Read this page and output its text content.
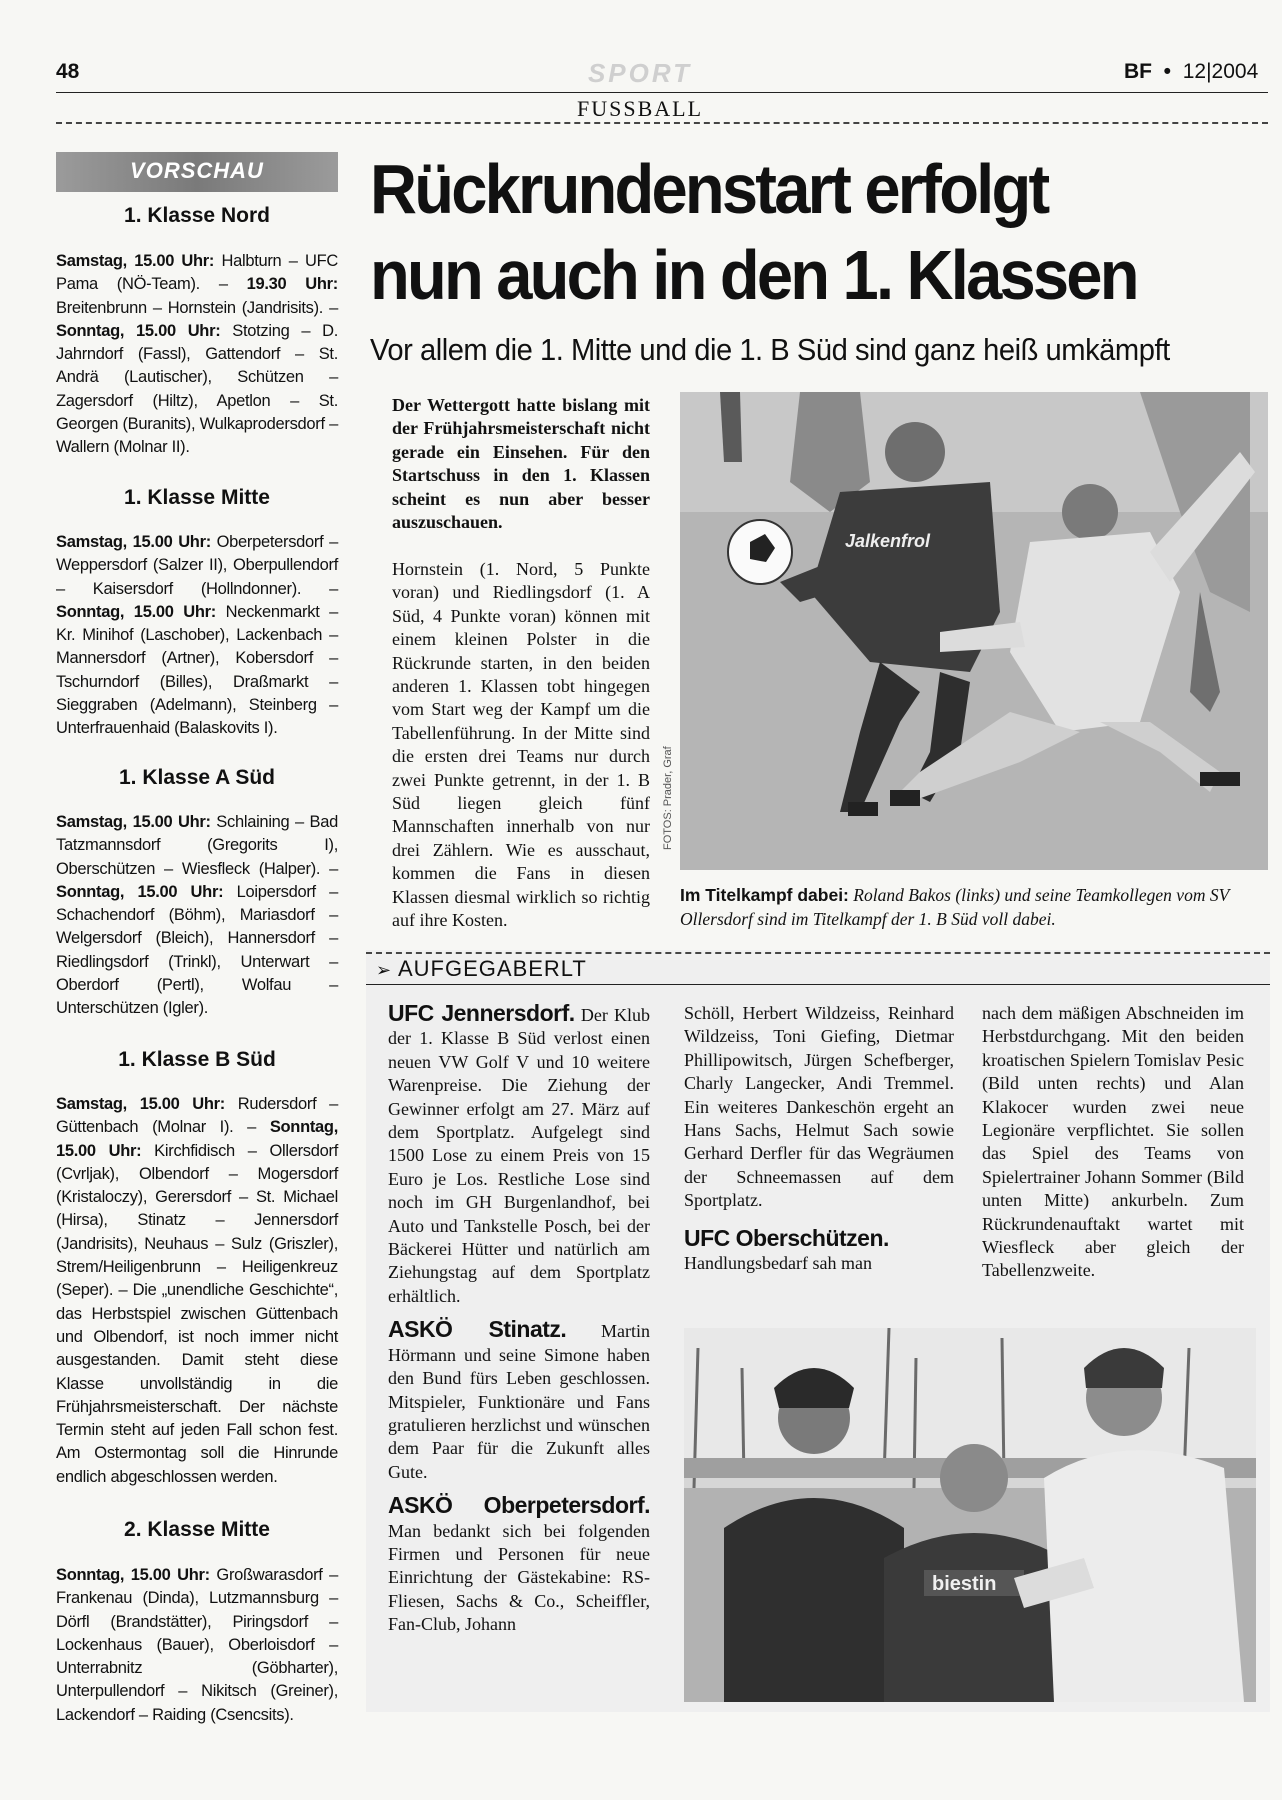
48	SPORT
FUSSBALL
BF  •  12|2004
VORSCHAU
1. Klasse Nord
Samstag, 15.00 Uhr: Halbturn – UFC Pama (NÖ-Team). – 19.30 Uhr: Breitenbrunn – Hornstein (Jandrisits). – Sonntag, 15.00 Uhr: Stotzing – D. Jahrndorf (Fassl), Gattendorf – St. Andrä (Lautischer), Schützen – Zagersdorf (Hiltz), Apetlon – St. Georgen (Buranits), Wulkaprodersdorf – Wallern (Molnar II).
1. Klasse Mitte
Samstag, 15.00 Uhr: Oberpetersdorf – Weppersdorf (Salzer II), Oberpullendorf – Kaisersdorf (Hollndonner). – Sonntag, 15.00 Uhr: Neckenmarkt – Kr. Minihof (Laschober), Lackenbach – Mannersdorf (Artner), Kobersdorf – Tschurndorf (Billes), Draßmarkt – Sieggraben (Adelmann), Steinberg – Unterfrauenhaid (Balaskovits I).
1. Klasse A Süd
Samstag, 15.00 Uhr: Schlaining – Bad Tatzmannsdorf (Gregorits I), Oberschützen – Wiesfleck (Halper). – Sonntag, 15.00 Uhr: Loipersdorf – Schachendorf (Böhm), Mariasdorf – Welgersdorf (Bleich), Hannersdorf – Riedlingsdorf (Trinkl), Unterwart – Oberdorf (Pertl), Wolfau – Unterschützen (Igler).
1. Klasse B Süd
Samstag, 15.00 Uhr: Rudersdorf – Güttenbach (Molnar I). – Sonntag, 15.00 Uhr: Kirchfidisch – Ollersdorf (Cvrljak), Olbendorf – Mogersdorf (Kristaloczy), Gerersdorf – St. Michael (Hirsa), Stinatz – Jennersdorf (Jandrisits), Neuhaus – Sulz (Griszler), Strem/Heiligenbrunn – Heiligenkreuz (Seper). – Die „unendliche Geschichte“, das Herbstspiel zwischen Güttenbach und Olbendorf, ist noch immer nicht ausgestanden. Damit steht diese Klasse unvollständig in die Frühjahrsmeisterschaft. Der nächste Termin steht auf jeden Fall schon fest. Am Ostermontag soll die Hinrunde endlich abgeschlossen werden.
2. Klasse Mitte
Sonntag, 15.00 Uhr: Großwarasdorf – Frankenau (Dinda), Lutzmannsburg – Dörfl (Brandstätter), Piringsdorf – Lockenhaus (Bauer), Oberloisdorf – Unterrabnitz (Göbharter), Unterpullendorf – Nikitsch (Greiner), Lackendorf – Raiding (Csencsits).
Rückrundenstart erfolgt
nun auch in den 1. Klassen
Vor allem die 1. Mitte und die 1. B Süd sind ganz heiß umkämpft
Der Wettergott hatte bislang mit der Frühjahrsmeisterschaft nicht gerade ein Einsehen. Für den Startschuss in den 1. Klassen scheint es nun aber besser auszuschauen.
Hornstein (1. Nord, 5 Punkte voran) und Riedlingsdorf (1. A Süd, 4 Punkte voran) können mit einem kleinen Polster in die Rückrunde starten, in den beiden anderen 1. Klassen tobt hingegen vom Start weg der Kampf um die Tabellenführung. In der Mitte sind die ersten drei Teams nur durch zwei Punkte getrennt, in der 1. B Süd liegen gleich fünf Mannschaften innerhalb von nur drei Zählern. Wie es ausschaut, kommen die Fans in diesen Klassen diesmal wirklich so richtig auf ihre Kosten.
Jalkenfrol
FOTOS: Prader, Graf
Im Titelkampf dabei: Roland Bakos (links) und seine Teamkollegen vom SV Ollersdorf sind im Titelkampf der 1. B Süd voll dabei.
➢ AUFGEGABERLT
UFC Jennersdorf. Der Klub der 1. Klasse B Süd verlost einen neuen VW Golf V und 10 weitere Warenpreise. Die Ziehung der Gewinner erfolgt am 27. März auf dem Sportplatz. Aufgelegt sind 1500 Lose zu einem Preis von 15 Euro je Los. Restliche Lose sind noch im GH Burgenlandhof, bei Auto und Tankstelle Posch, bei der Bäckerei Hütter und natürlich am Ziehungstag auf dem Sportplatz erhältlich.
ASKÖ Stinatz. Martin Hörmann und seine Simone haben den Bund fürs Leben geschlossen. Mitspieler, Funktionäre und Fans gratulieren herzlichst und wünschen dem Paar für die Zukunft alles Gute.
ASKÖ Oberpetersdorf. Man bedankt sich bei folgenden Firmen und Personen für neue Einrichtung der Gästekabine: RS-Fliesen, Sachs & Co., Scheiffler, Fan-Club, Johann
Schöll, Herbert Wildzeiss, Reinhard Wildzeiss, Toni Giefing, Dietmar Phillipowitsch, Jürgen Schefberger, Charly Langecker, Andi Tremmel. Ein weiteres Dankeschön ergeht an Hans Sachs, Helmut Sach sowie Gerhard Derfler für das Wegräumen der Schneemassen auf dem Sportplatz.
UFC Oberschützen.
Handlungsbedarf sah man
nach dem mäßigen Abschneiden im Herbstdurchgang. Mit den beiden kroatischen Spielern Tomislav Pesic (Bild unten rechts) und Alan Klakocer wurden zwei neue Legionäre verpflichtet. Sie sollen das Spiel des Teams von Spielertrainer Johann Sommer (Bild unten Mitte) ankurbeln. Zum Rückrundenauftakt wartet mit Wiesfleck aber gleich der Tabellenzweite.
biestin
